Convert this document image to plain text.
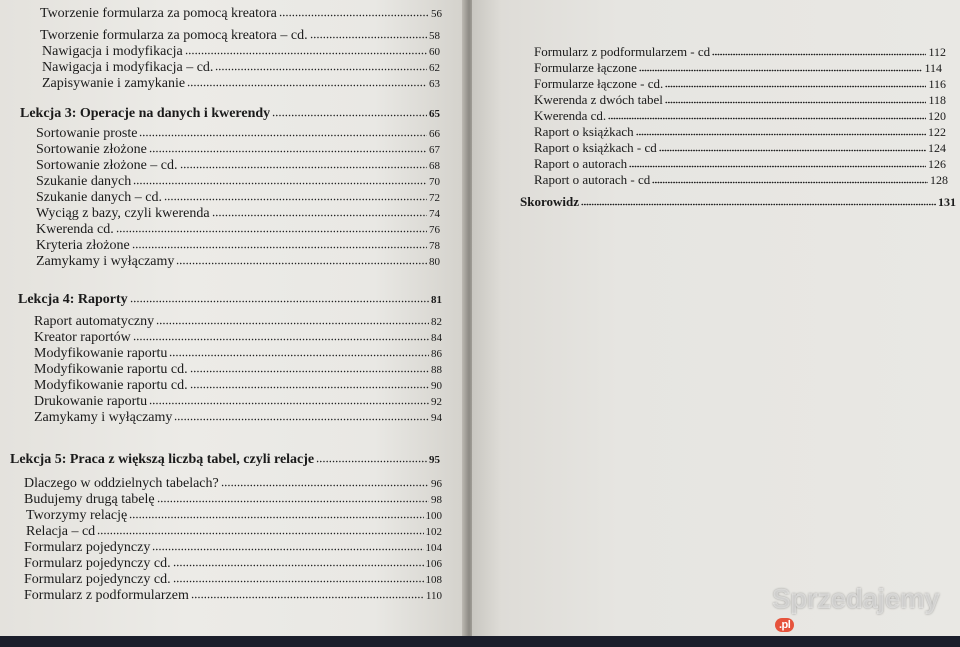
Tworzenie formularza za pomocą kreatora	56
Tworzenie formularza za pomocą kreatora – cd.	58
Nawigacja i modyfikacja	60
Nawigacja i modyfikacja – cd.	62
Zapisywanie i zamykanie	63
Lekcja 3: Operacje na danych i kwerendy	65
Sortowanie proste	66
Sortowanie złożone	67
Sortowanie złożone – cd.	68
Szukanie danych	70
Szukanie danych – cd.	72
Wyciąg z bazy, czyli kwerenda	74
Kwerenda cd.	76
Kryteria złożone	78
Zamykamy i wyłączamy	80
Lekcja 4: Raporty	81
Raport automatyczny	82
Kreator raportów	84
Modyfikowanie raportu	86
Modyfikowanie raportu cd.	88
Modyfikowanie raportu cd.	90
Drukowanie raportu	92
Zamykamy i wyłączamy	94
Lekcja 5: Praca z większą liczbą tabel, czyli relacje	95
Dlaczego w oddzielnych tabelach?	96
Budujemy drugą tabelę	98
Tworzymy relację	100
Relacja – cd	102
Formularz pojedynczy	104
Formularz pojedynczy cd.	106
Formularz pojedynczy cd.	108
Formularz z podformularzem	110
Formularz z podformularzem - cd	112
Formularze łączone	114
Formularze łączone - cd.	116
Kwerenda z dwóch tabel	118
Kwerenda cd.	120
Raport o książkach	122
Raport o książkach - cd	124
Raport o autorach	126
Raport o autorach - cd	128
Skorowidz	131
Sprzedajemy.pl
